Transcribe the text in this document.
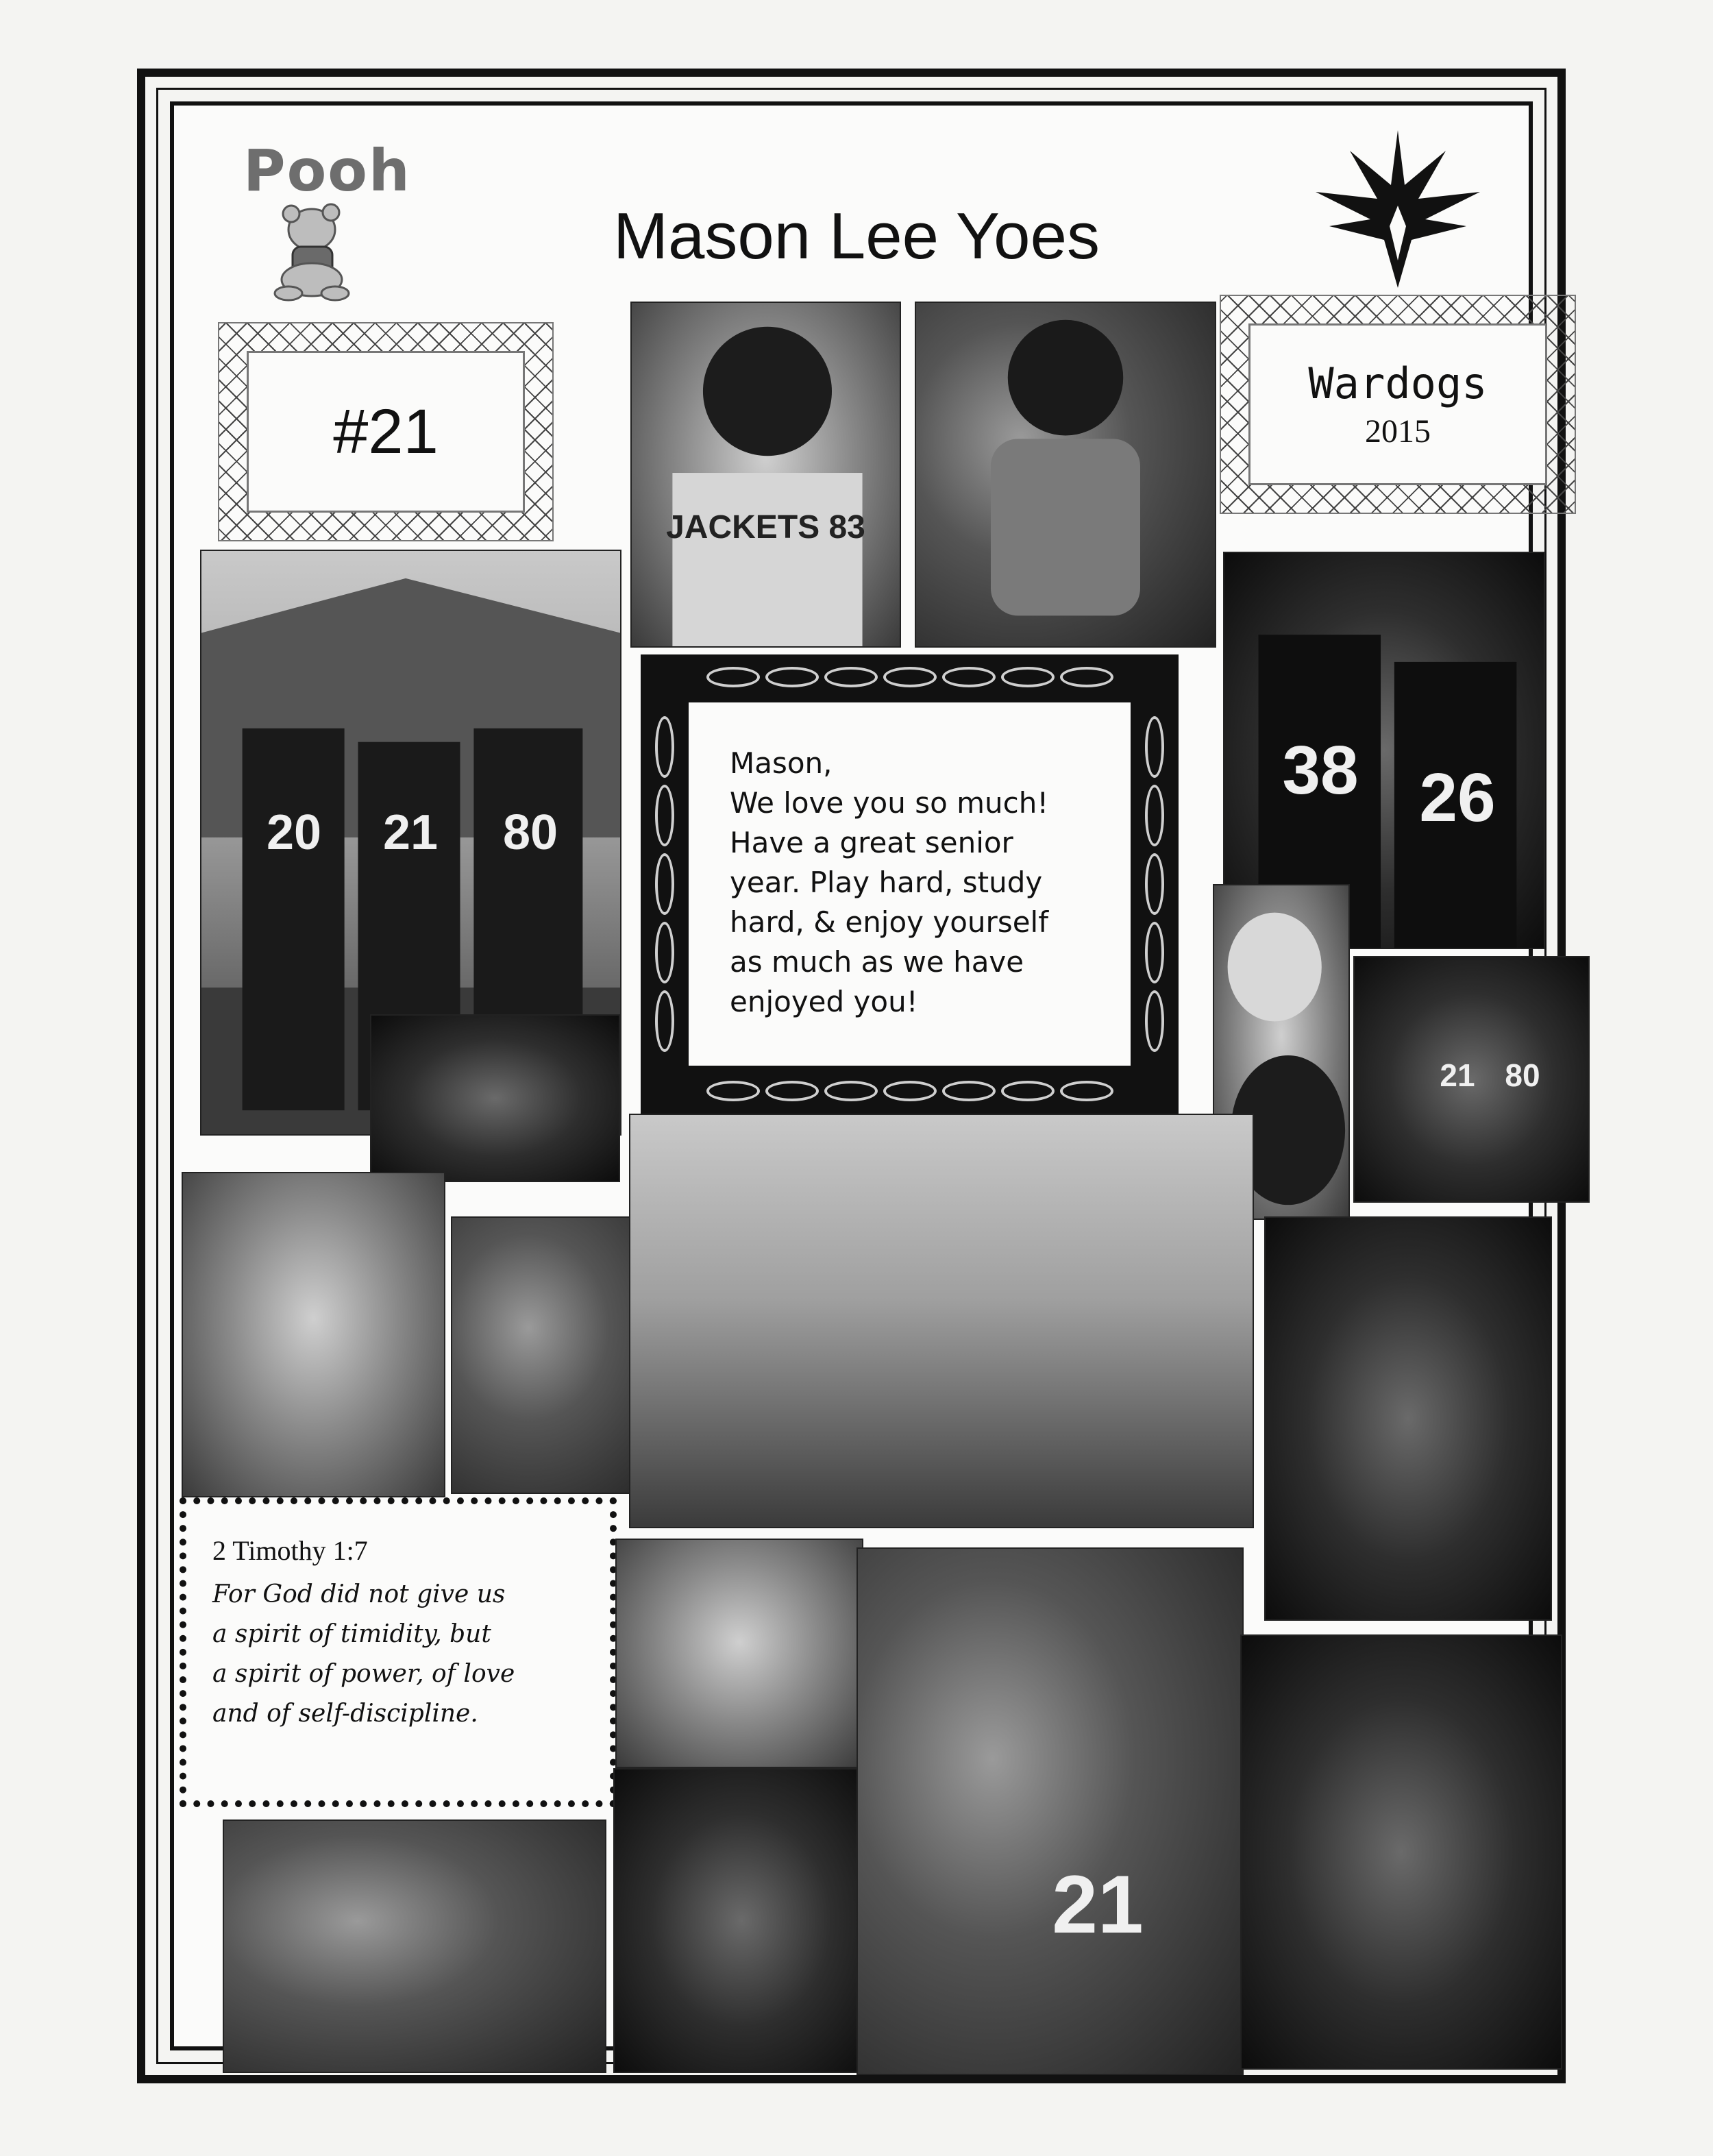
Pooh
Mason Lee Yoes
#21
Wardogs
2015
JACKETS 83
20	21	80
Mason,
We love you so much!
Have a great senior
year. Play hard, study
hard, & enjoy yourself
as much as we have
enjoyed you!
38 26
21 80
2 Timothy 1:7
For God did not give us
a spirit of timidity, but
a spirit of power, of love
and of self-discipline.
21
